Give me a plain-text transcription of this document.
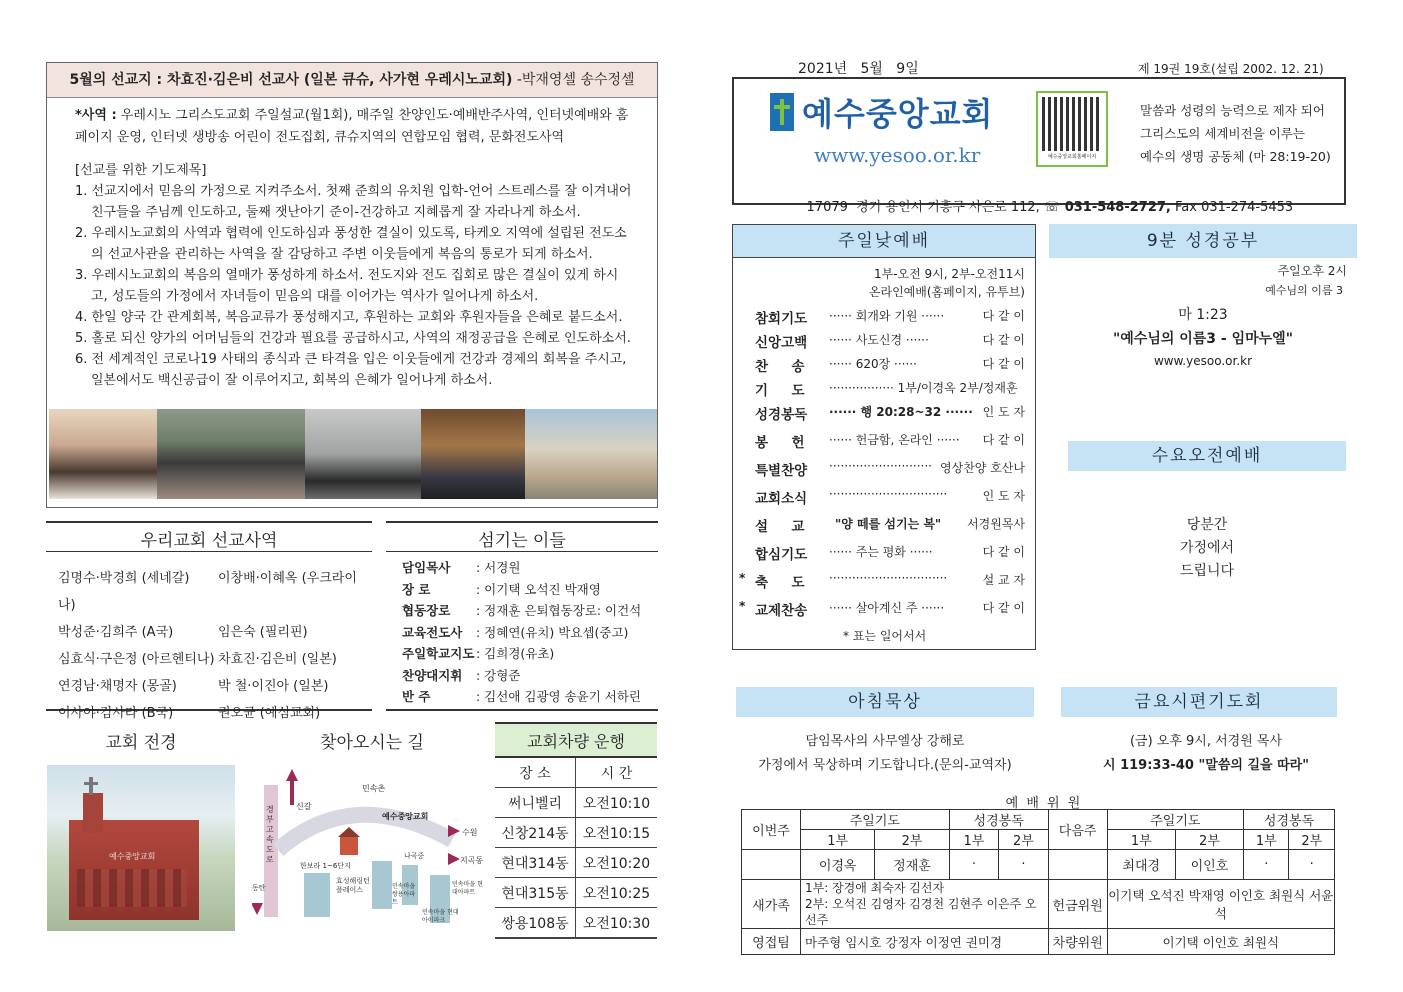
5월의 선교지 : 차효진·김은비 선교사 (일본 큐슈, 사가현 우레시노교회) -박재영셀 송수정셀
*사역 : 우레시노 그리스도교회 주일설교(월1회), 매주일 찬양인도·예배반주사역, 인터넷예배와 홈페이지 운영, 인터넷 생방송 어린이 전도집회, 큐슈지역의 연합모임 협력, 문화전도사역
[선교를 위한 기도제목]
1. 선교지에서 믿음의 가정으로 지켜주소서. 첫째 준희의 유치원 입학-언어 스트레스를 잘 이겨내어 친구들을 주님께 인도하고, 둘째 잿난아기 준이-건강하고 지혜롭게 잘 자라나게 하소서.
2. 우레시노교회의 사역과 협력에 인도하심과 풍성한 결실이 있도록, 타케오 지역에 설립된 전도소의 선교사관을 관리하는 사역을 잘 감당하고 주변 이웃들에게 복음의 통로가 되게 하소서.
3. 우레시노교회의 복음의 열매가 풍성하게 하소서. 전도지와 전도 집회로 많은 결실이 있게 하시고, 성도들의 가정에서 자녀들이 믿음의 대를 이어가는 역사가 일어나게 하소서.
4. 한일 양국 간 관계회복, 복음교류가 풍성해지고, 후원하는 교회와 후원자들을 은혜로 붙드소서.
5. 홀로 되신 양가의 어머님들의 건강과 필요를 공급하시고, 사역의 재정공급을 은혜로 인도하소서.
6. 전 세계적인 코로나19 사태의 종식과 큰 타격을 입은 이웃들에게 건강과 경제의 회복을 주시고, 일본에서도 백신공급이 잘 이루어지고, 회복의 은혜가 일어나게 하소서.
우리교회 선교사역
김명수·박경희 (세네갈) 이창배·이혜옥 (우크라이나)
박성준·김희주 (A국)	임은숙 (필리핀)
심효식·구은정 (아르헨티나) 차효진·김은비 (일본)
연경남·채명자 (몽골)	박 철·이진아 (일본)
이사야·김사라 (B국)	권오균 (예심교회)
섬기는 이들
담임목사 : 서경원
장 로	: 이기택 오석진 박재영
협동장로 : 정재훈 은퇴협동장로: 이건석
교육전도사 : 정혜연(유치) 박요셉(중고)
주일학교지도 : 김희경(유초)
찬양대지휘 : 강형준
반 주	: 김선애 김광영 송윤기 서하린
교회 전경
예수중앙교회
찾아오시는 길
경부고속도로
신갈
민속촌
예수중앙교회
수원
지곡동
한보라 1~6단지
효성해링턴 플레이스
나곡중
민속마을 쌍용아파트
민속마을 현대아파트
민속마을 현대아이파크
동탄
교회차량 운행
장 소	시 간
써니벨리	오전10:10
신창214동	오전10:15
현대314동	오전10:20
현대315동	오전10:25
쌍용108동	오전10:30
2021년   5월   9일	제 19권 19호(설립 2002. 12. 21)
예수중앙교회
www.yesoo.or.kr	예수중앙교회홈페이지
말씀과 성령의 능력으로 제자 되어
그리스도의 세계비전을 이루는
예수의 생명 공동체 (마 28:19-20)

17079  경기 용인시 기흥구 사은로 112, ☏ 031-548-2727, Fax 031-274-5453

주일낮예배
1부-오전 9시, 2부-오전11시
온라인예배(홈페이지, 유투브)
참회기도 ······ 회개와 기원 ······	다 같 이
신앙고백 ······ 사도신경 ······	다 같 이
찬     송 ······ 620장 ······	다 같 이
기     도 ················· 1부/이경옥 2부/정재훈
성경봉독 ······ 행 20:28~32 ······ 인 도 자
봉     헌 ······ 헌금함, 온라인 ······ 다 같 이
특별찬양 ··························· 영상찬양 호산나
교회소식 ·······························	인 도 자
설     교	"양 떼를 섬기는 복" 서경원목사
합심기도 ······ 주는 평화 ······	다 같 이
* 축     도 ·······························	설 교 자
* 교제찬송 ······ 살아계신 주 ······	다 같 이
* 표는 일어서서
9분 성경공부
주일오후 2시
예수님의 이름 3
마 1:23
"예수님의 이름3 - 임마누엘"
www.yesoo.or.kr
수요오전예배
당분간
가정에서
드립니다
아침묵상
담임목사의 사무엘상 강해로
가정에서 묵상하며 기도합니다.(문의-교역자)
금요시편기도회
(금) 오후 9시, 서경원 목사
시 119:33-40 "말씀의 길을 따라"
예 배 위 원
이번주	주일기도		성경봉독		다음주	주일기도		성경봉독	
	1부	2부	1부	2부		1부	2부	1부	2부
	이경옥	정재훈	·	·		최대경	이인호	·	·
새가족	1부: 장경애 최숙자 김선자
2부: 오석진 김영자 김경천 김현주 이은주 오선주				헌금위원	이기택 오석진 박재영 이인호 최원식 서윤석			
영접팀	마주형 임시호 강정자 이정연 권미경				차량위원	이기택 이인호 최원식			
